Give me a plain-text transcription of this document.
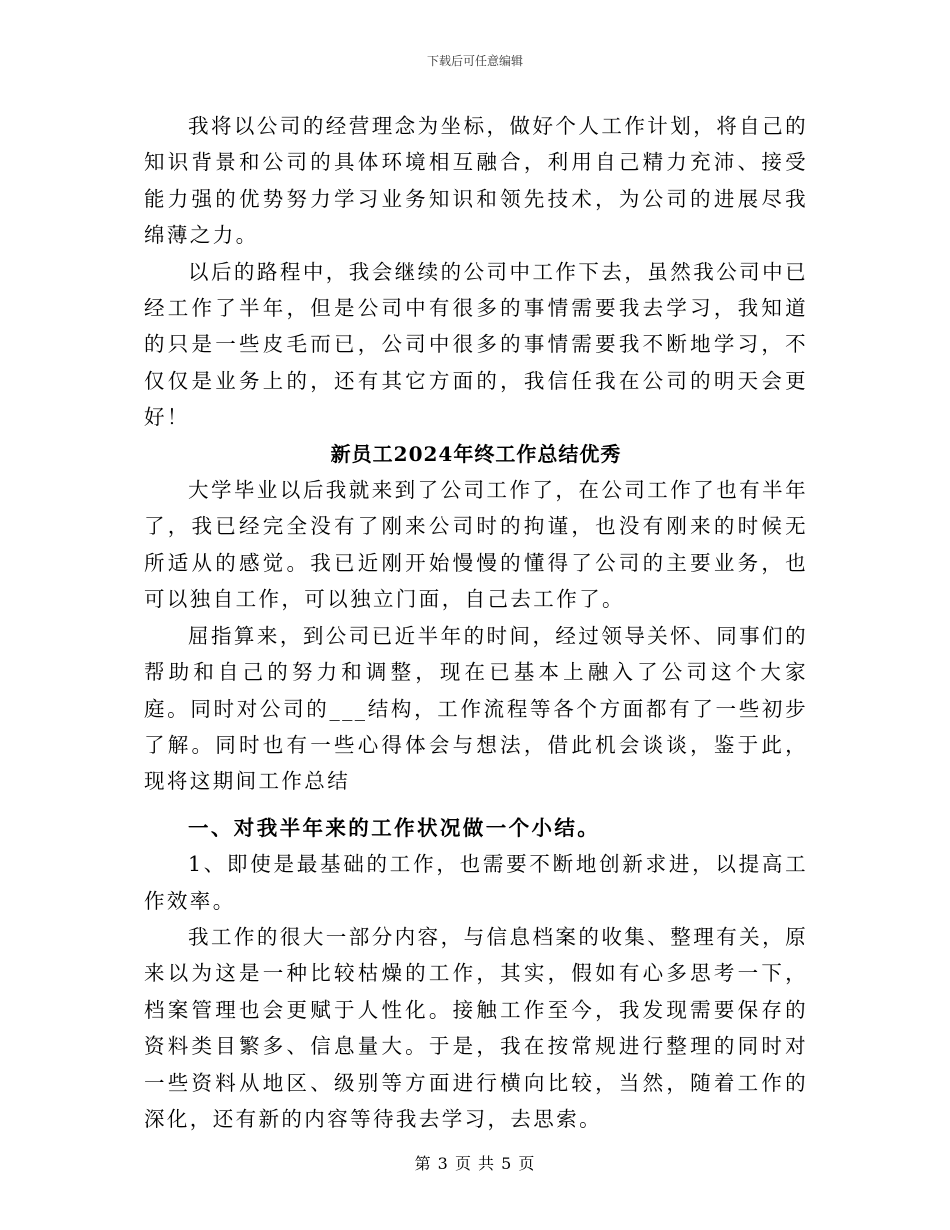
下载后可任意编辑

我将以公司的经营理念为坐标，做好个人工作计划，将自己的知识背景和公司的具体环境相互融合，利用自己精力充沛、接受能力强的优势努力学习业务知识和领先技术，为公司的进展尽我绵薄之力。

以后的路程中，我会继续的公司中工作下去，虽然我公司中已经工作了半年，但是公司中有很多的事情需要我去学习，我知道的只是一些皮毛而已，公司中很多的事情需要我不断地学习，不仅仅是业务上的，还有其它方面的，我信任我在公司的明天会更好！

新员工2024年终工作总结优秀

大学毕业以后我就来到了公司工作了，在公司工作了也有半年了，我已经完全没有了刚来公司时的拘谨，也没有刚来的时候无所适从的感觉。我已近刚开始慢慢的懂得了公司的主要业务，也可以独自工作，可以独立门面，自己去工作了。

屈指算来，到公司已近半年的时间，经过领导关怀、同事们的帮助和自己的努力和调整，现在已基本上融入了公司这个大家庭。同时对公司的___结构，工作流程等各个方面都有了一些初步了解。同时也有一些心得体会与想法，借此机会谈谈，鉴于此，现将这期间工作总结

一、对我半年来的工作状况做一个小结。

1、即使是最基础的工作，也需要不断地创新求进，以提高工作效率。

我工作的很大一部分内容，与信息档案的收集、整理有关，原来以为这是一种比较枯燥的工作，其实，假如有心多思考一下，档案管理也会更赋于人性化。接触工作至今，我发现需要保存的资料类目繁多、信息量大。于是，我在按常规进行整理的同时对一些资料从地区、级别等方面进行横向比较，当然，随着工作的深化，还有新的内容等待我去学习，去思索。

第 3 页 共 5 页
